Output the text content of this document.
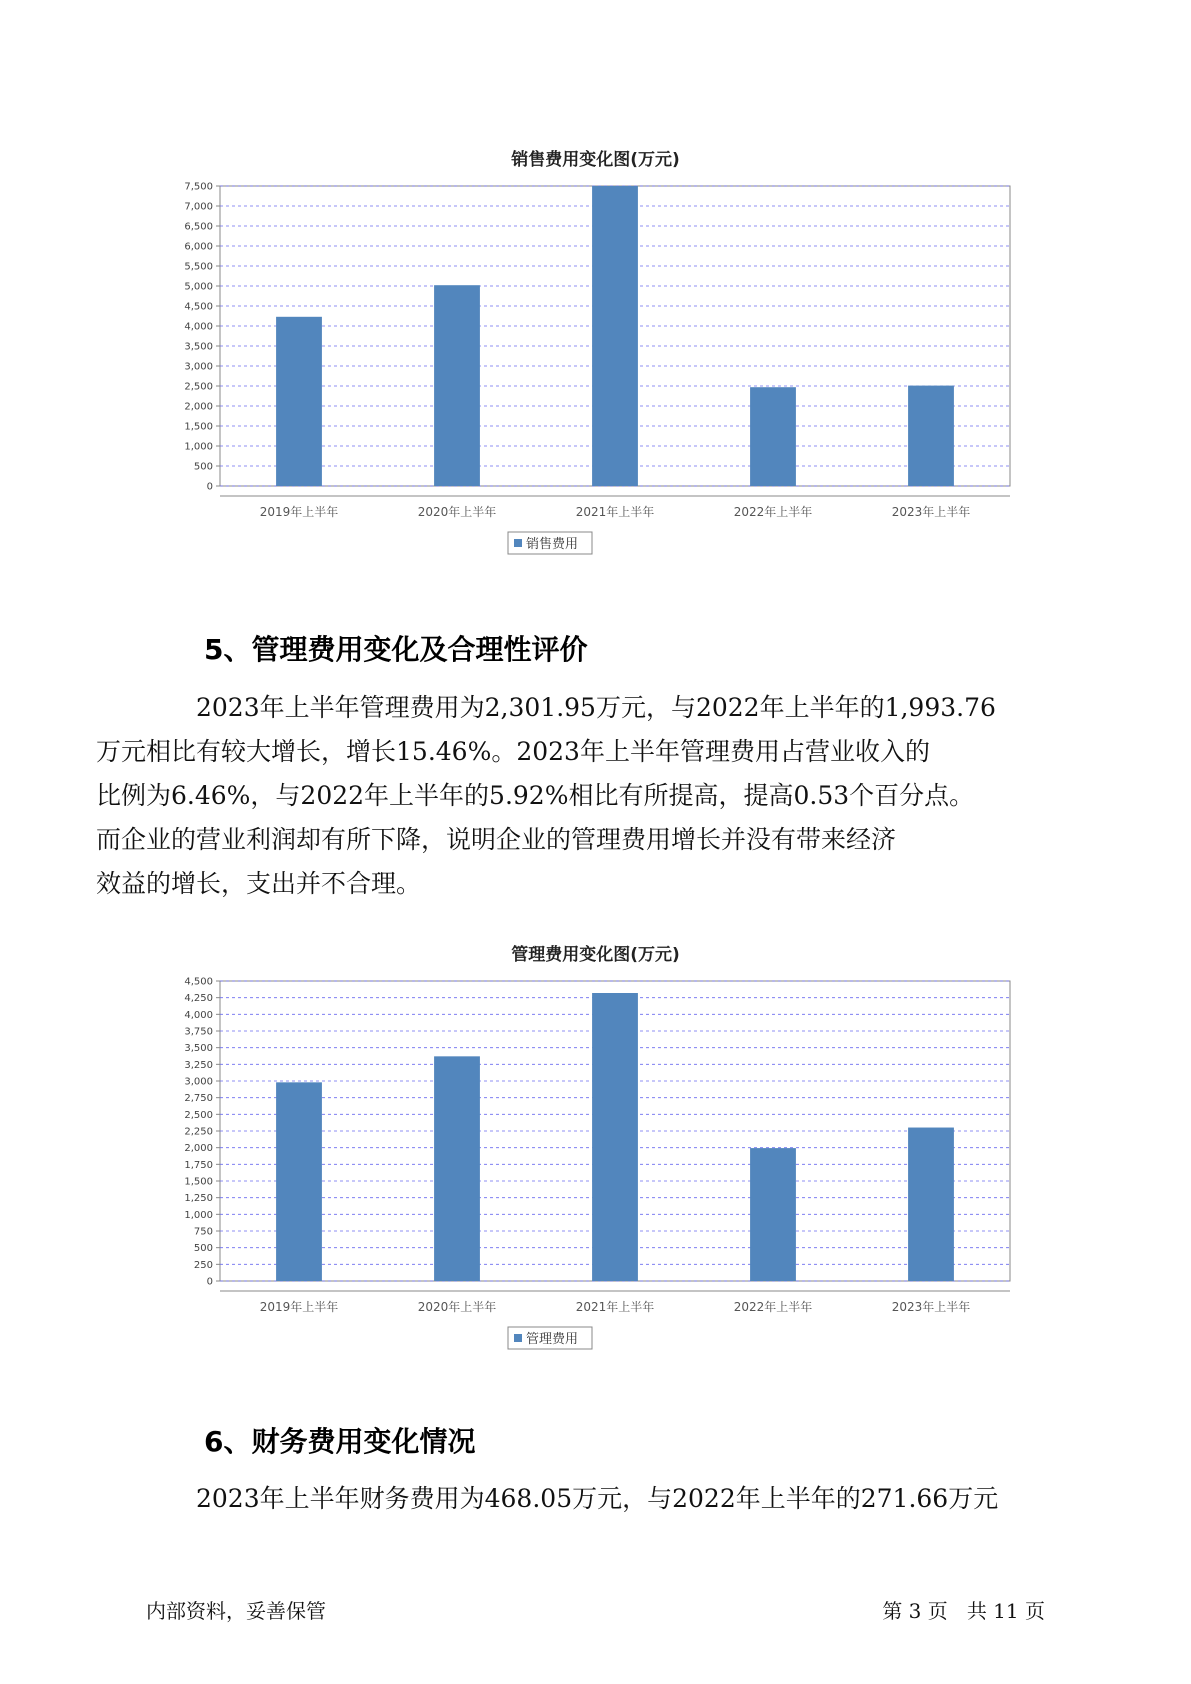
销售费用变化图(万元)
0
500
1,000
1,500
2,000
2,500
3,000
3,500
4,000
4,500
5,000
5,500
6,000
6,500
7,000
7,500
2019年上半年	2020年上半年	2021年上半年	2022年上半年	2023年上半年
销售费用
5、管理费用变化及合理性评价
2023年上半年管理费用为2,301.95万元，与2022年上半年的1,993.76
万元相比有较大增长，增长15.46%。2023年上半年管理费用占营业收入的
比例为6.46%，与2022年上半年的5.92%相比有所提高，提高0.53个百分点。
而企业的营业利润却有所下降，说明企业的管理费用增长并没有带来经济
效益的增长，支出并不合理。
管理费用变化图(万元)
0
250
500
750
1,000
1,250
1,500
1,750
2,000
2,250
2,500
2,750
3,000
3,250
3,500
3,750
4,000
4,250
4,500
2019年上半年	2020年上半年	2021年上半年	2022年上半年	2023年上半年
管理费用
6、财务费用变化情况
2023年上半年财务费用为468.05万元，与2022年上半年的271.66万元
内部资料，妥善保管	第 3 页   共 11 页
